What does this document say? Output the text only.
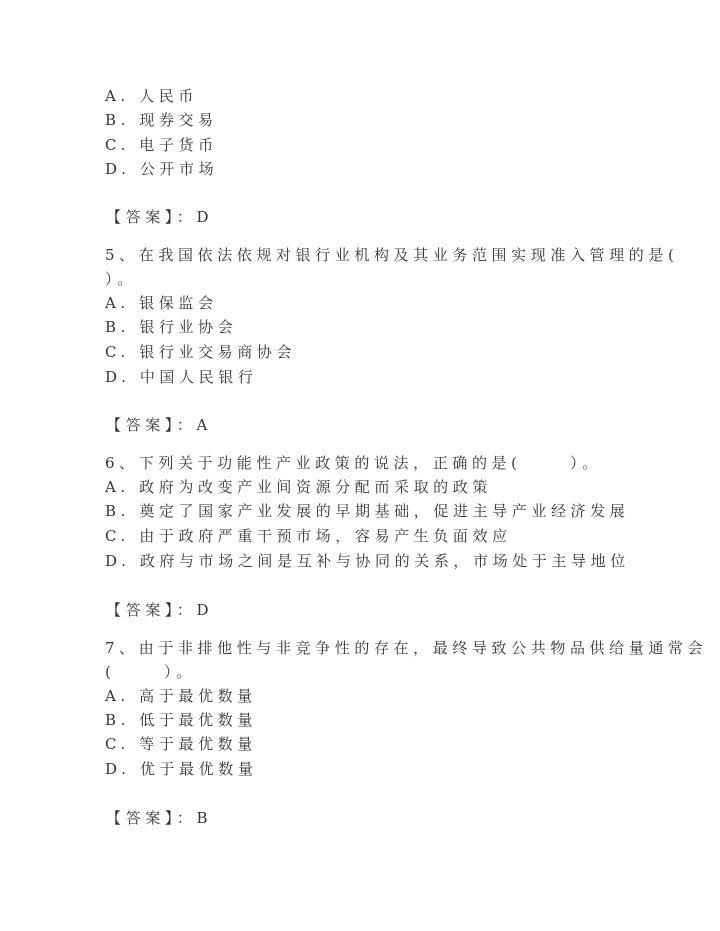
A. 人民币
B. 现券交易
C. 电子货币
D. 公开市场
【答案】：D
5、在我国依法依规对银行业机构及其业务范围实现准入管理的是(
）。
A. 银保监会
B. 银行业协会
C. 银行业交易商协会
D. 中国人民银行
【答案】：A
6、下列关于功能性产业政策的说法，正确的是(　　 ）。
A. 政府为改变产业间资源分配而采取的政策
B. 奠定了国家产业发展的早期基础，促进主导产业经济发展
C. 由于政府严重干预市场，容易产生负面效应
D. 政府与市场之间是互补与协同的关系，市场处于主导地位
【答案】：D
7、由于非排他性与非竞争性的存在，最终导致公共物品供给量通常会
(　　 ）。
A. 高于最优数量
B. 低于最优数量
C. 等于最优数量
D. 优于最优数量
【答案】：B
